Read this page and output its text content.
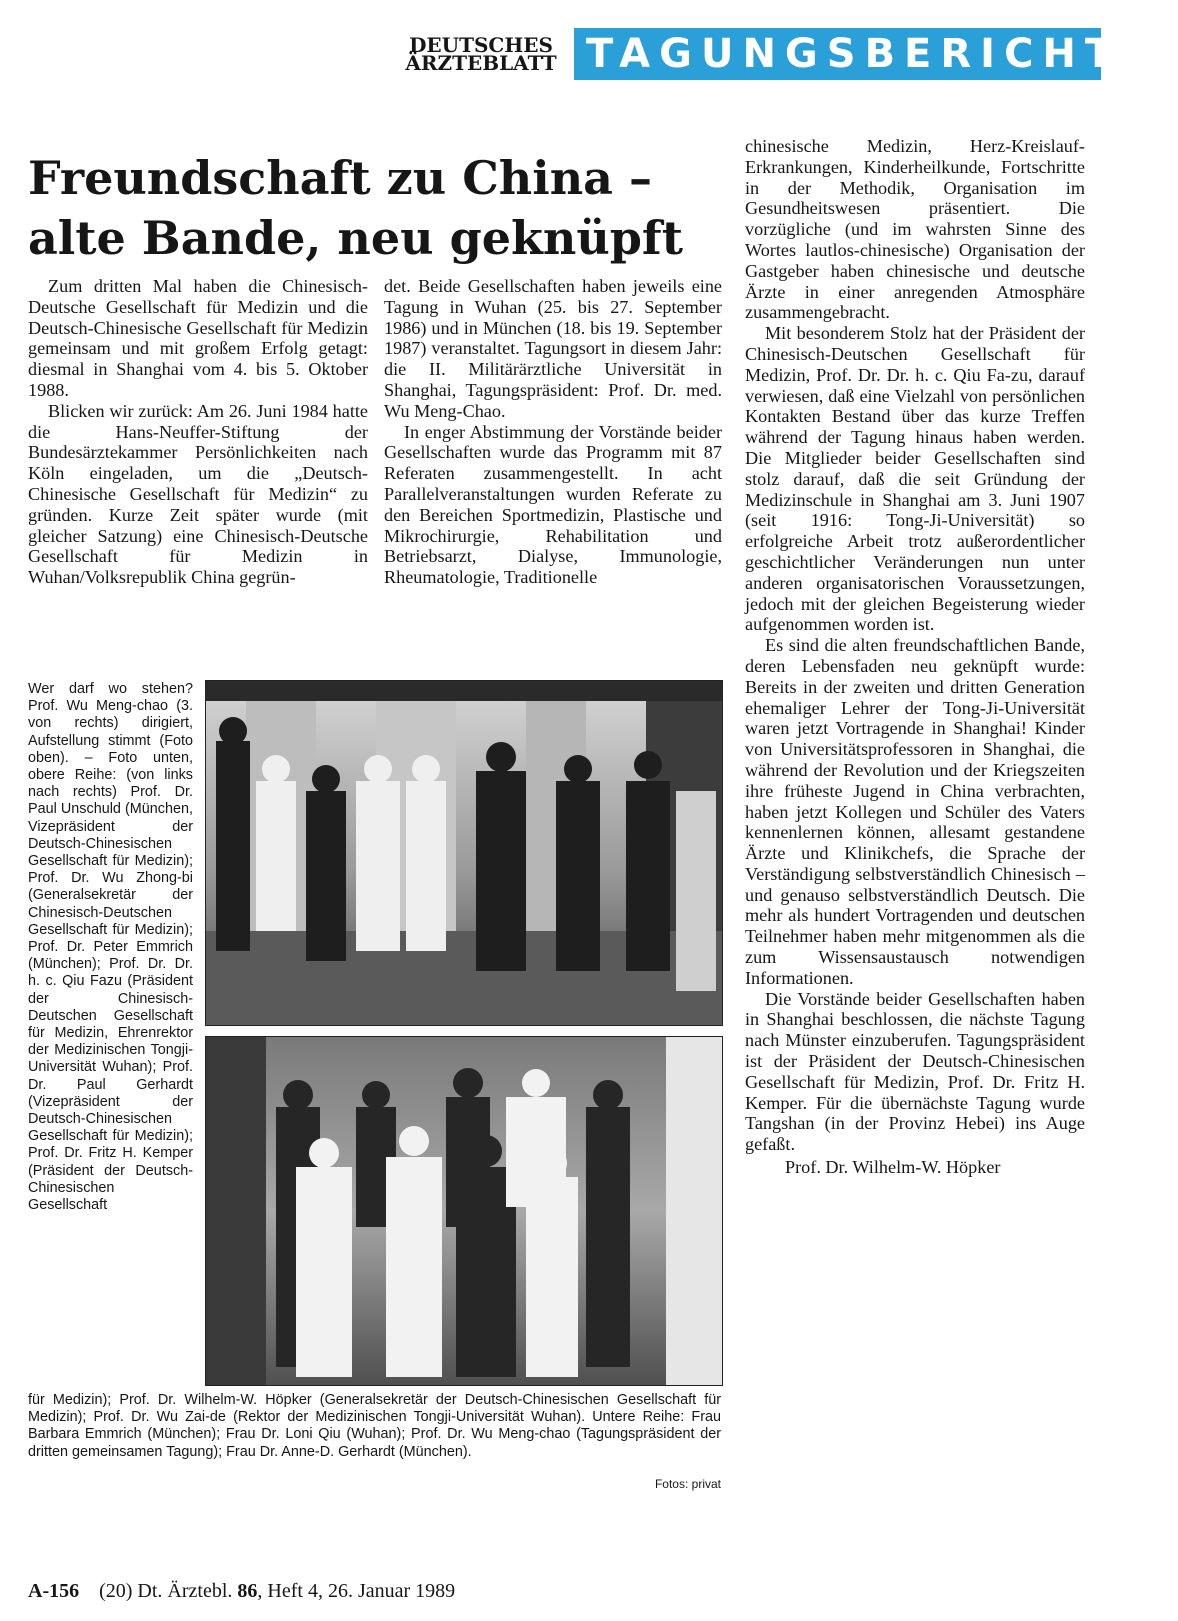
DEUTSCHES
ÄRZTEBLATT TAGUNGSBERICHT
Freundschaft zu China –
alte Bande, neu geknüpft

Zum dritten Mal haben die Chinesisch-Deutsche Gesellschaft für Medizin und die Deutsch-Chinesische Gesellschaft für Medizin gemeinsam und mit großem Erfolg getagt: diesmal in Shanghai vom 4. bis 5. Oktober 1988.

Blicken wir zurück: Am 26. Juni 1984 hatte die Hans-Neuffer-Stiftung der Bundesärztekammer Persönlichkeiten nach Köln eingeladen, um die „Deutsch-Chinesische Gesellschaft für Medizin“ zu gründen. Kurze Zeit später wurde (mit gleicher Satzung) eine Chinesisch-Deutsche Gesellschaft für Medizin in Wuhan/Volksrepublik China gegrün-

det. Beide Gesellschaften haben jeweils eine Tagung in Wuhan (25. bis 27. September 1986) und in München (18. bis 19. September 1987) veranstaltet. Tagungsort in diesem Jahr: die II. Militärärztliche Universität in Shanghai, Tagungspräsident: Prof. Dr. med. Wu Meng-Chao.

In enger Abstimmung der Vorstände beider Gesellschaften wurde das Programm mit 87 Referaten zusammengestellt. In acht Parallelveranstaltungen wurden Referate zu den Bereichen Sportmedizin, Plastische und Mikrochirurgie, Rehabilitation und Betriebsarzt, Dialyse, Immunologie, Rheumatologie, Traditionelle

chinesische Medizin, Herz-Kreislauf-Erkrankungen, Kinderheilkunde, Fortschritte in der Methodik, Organisation im Gesundheitswesen präsentiert. Die vorzügliche (und im wahrsten Sinne des Wortes lautlos-chinesische) Organisation der Gastgeber haben chinesische und deutsche Ärzte in einer anregenden Atmosphäre zusammengebracht.

Mit besonderem Stolz hat der Präsident der Chinesisch-Deutschen Gesellschaft für Medizin, Prof. Dr. Dr. h. c. Qiu Fa-zu, darauf verwiesen, daß eine Vielzahl von persönlichen Kontakten Bestand über das kurze Treffen während der Tagung hinaus haben werden. Die Mitglieder beider Gesellschaften sind stolz darauf, daß die seit Gründung der Medizinschule in Shanghai am 3. Juni 1907 (seit 1916: Tong-Ji-Universität) so erfolgreiche Arbeit trotz außerordentlicher geschichtlicher Veränderungen nun unter anderen organisatorischen Voraussetzungen, jedoch mit der gleichen Begeisterung wieder aufgenommen worden ist.

Es sind die alten freundschaftlichen Bande, deren Lebensfaden neu geknüpft wurde: Bereits in der zweiten und dritten Generation ehemaliger Lehrer der Tong-Ji-Universität waren jetzt Vortragende in Shanghai! Kinder von Universitätsprofessoren in Shanghai, die während der Revolution und der Kriegszeiten ihre früheste Jugend in China verbrachten, haben jetzt Kollegen und Schüler des Vaters kennenlernen können, allesamt gestandene Ärzte und Klinikchefs, die Sprache der Verständigung selbstverständlich Chinesisch – und genauso selbstverständlich Deutsch. Die mehr als hundert Vortragenden und deutschen Teilnehmer haben mehr mitgenommen als die zum Wissensaustausch notwendigen Informationen.

Die Vorstände beider Gesellschaften haben in Shanghai beschlossen, die nächste Tagung nach Münster einzuberufen. Tagungspräsident ist der Präsident der Deutsch-Chinesischen Gesellschaft für Medizin, Prof. Dr. Fritz H. Kemper. Für die übernächste Tagung wurde Tangshan (in der Provinz Hebei) ins Auge gefaßt.

Prof. Dr. Wilhelm-W. Höpker

Wer darf wo stehen? Prof. Wu Meng-chao (3. von rechts) dirigiert, Aufstellung stimmt (Foto oben). – Foto unten, obere Reihe: (von links nach rechts) Prof. Dr. Paul Unschuld (München, Vizepräsident der Deutsch-Chinesischen Gesellschaft für Medizin); Prof. Dr. Wu Zhong-bi (Generalsekretär der Chinesisch-Deutschen Gesellschaft für Medizin); Prof. Dr. Peter Emmrich (München); Prof. Dr. Dr. h. c. Qiu Fazu (Präsident der Chinesisch-Deutschen Gesellschaft für Medizin, Ehrenrektor der Medizinischen Tongji-Universität Wuhan); Prof. Dr. Paul Gerhardt (Vizepräsident der Deutsch-Chinesischen Gesellschaft für Medizin); Prof. Dr. Fritz H. Kemper (Präsident der Deutsch-Chinesischen Gesellschaft
für Medizin); Prof. Dr. Wilhelm-W. Höpker (Generalsekretär der Deutsch-Chinesischen Gesellschaft für Medizin); Prof. Dr. Wu Zai-de (Rektor der Medizinischen Tongji-Universität Wuhan). Untere Reihe: Frau Barbara Emmrich (München); Frau Dr. Loni Qiu (Wuhan); Prof. Dr. Wu Meng-chao (Tagungspräsident der dritten gemeinsamen Tagung); Frau Dr. Anne-D. Gerhardt (München).
Fotos: privat
A-156 (20) Dt. Ärztebl. 86, Heft 4, 26. Januar 1989
